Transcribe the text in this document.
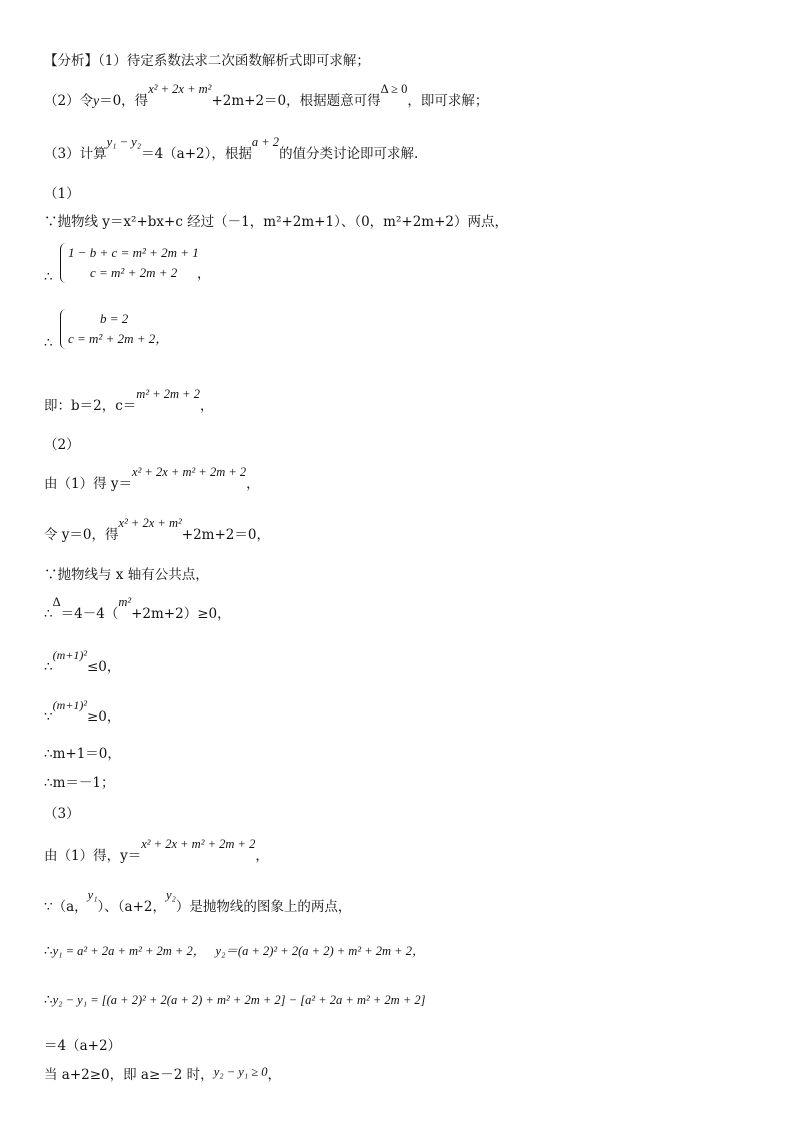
【分析】（1）待定系数法求二次函数解析式即可求解；
（2）令y＝0，得x² + 2x + m²+2m+2＝0，根据题意可得Δ ≥ 0，即可求解；
（3）计算y₁ − y₂＝4（a+2），根据a + 2的值分类讨论即可求解.
（1）
∵抛物线 y＝x²+bx+c 经过（－1，m²+2m+1）、（0，m²+2m+2）两点，
∴
1 − b + c = m² + 2m + 1
c = m² + 2m + 2	，
∴
b = 2
c = m² + 2m + 2，
即：b＝2，c＝m² + 2m + 2，
（2）
由（1）得 y＝x² + 2x + m² + 2m + 2，
令 y＝0，得x² + 2x + m²+2m+2＝0，
∵抛物线与 x 轴有公共点，
∴Δ＝4－4（m²+2m+2）≥0，
∴(m+1)²≤0，
∵(m+1)²≥0，
∴m+1＝0，
∴m＝－1；
（3）
由（1）得，y＝x² + 2x + m² + 2m + 2，
∵（a，y₁）、（a+2，y₂）是抛物线的图象上的两点，
∴y₁ = a² + 2a + m² + 2m + 2， y₂＝(a + 2)² + 2(a + 2) + m² + 2m + 2，
∴y₂ − y₁ = [(a + 2)² + 2(a + 2) + m² + 2m + 2] − [a² + 2a + m² + 2m + 2]
＝4（a+2）
当 a+2≥0，即 a≥－2 时，y₂ − y₁ ≥ 0，
